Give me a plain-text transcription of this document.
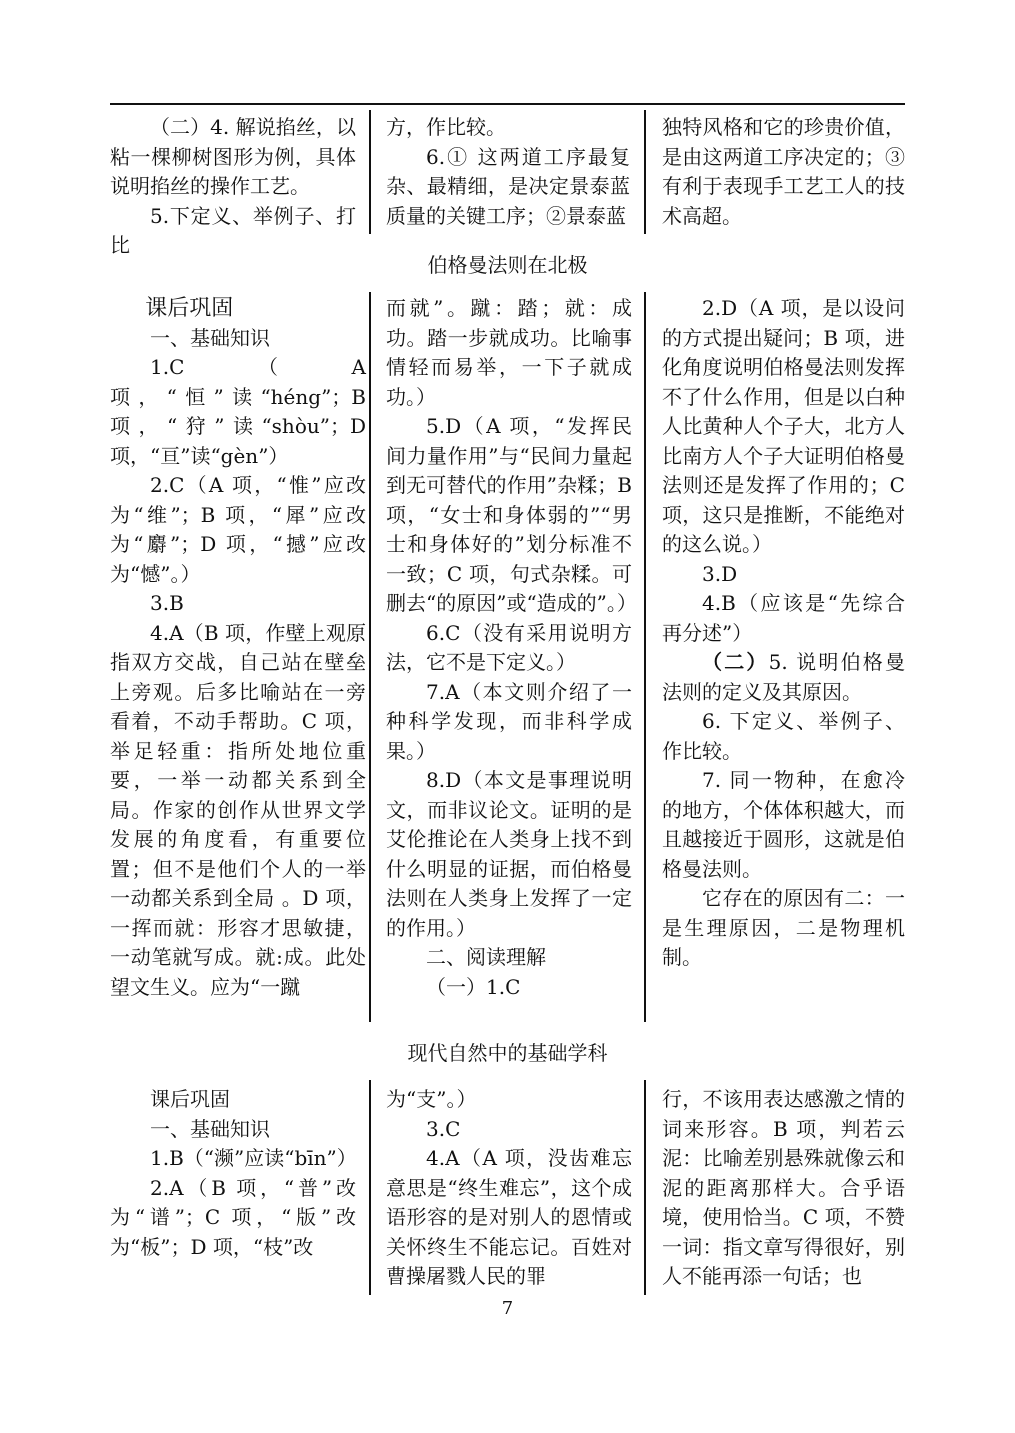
（二）4. 解说掐丝，以粘一棵柳树图形为例，具体说明掐丝的操作工艺。

5.下定义、举例子、打比

方，作比较。

6.① 这两道工序最复杂、最精细，是决定景泰蓝质量的关键工序；②景泰蓝

独特风格和它的珍贵价值，是由这两道工序决定的；③有利于表现手工艺工人的技术高超。

伯格曼法则在北极

课后巩固

一、基础知识

1.C（A 项，“恒”读“héng”；B 项，“狩”读“shòu”；D 项，“亘”读“gèn”）

2.C（A 项，“惟”应改为“维”；B 项，“犀”应改为“麝”；D 项，“撼”应改为“憾”。）

3.B

4.A（B 项，作壁上观原指双方交战，自己站在壁垒上旁观。后多比喻站在一旁看着，不动手帮助。C 项，举足轻重：指所处地位重要，一举一动都关系到全局。作家的创作从世界文学发展的角度看，有重要位置；但不是他们个人的一举一动都关系到全局 。D 项，一挥而就：形容才思敏捷，一动笔就写成。就:成。此处望文生义。应为“一蹴

而就”。蹴：踏；就：成功。踏一步就成功。比喻事情轻而易举，一下子就成功。）

5.D（A 项，“发挥民间力量作用”与“民间力量起到无可替代的作用”杂糅；B 项，“女士和身体弱的”“男士和身体好的”划分标准不一致；C 项，句式杂糅。可删去“的原因”或“造成的”。）

6.C（没有采用说明方法，它不是下定义。）

7.A（本文则介绍了一种科学发现，而非科学成果。）

8.D（本文是事理说明文，而非议论文。证明的是艾伦推论在人类身上找不到什么明显的证据，而伯格曼法则在人类身上发挥了一定的作用。）

二、阅读理解

（一）1.C

2.D（A 项，是以设问的方式提出疑问；B 项，进化角度说明伯格曼法则发挥不了什么作用，但是以白种人比黄种人个子大，北方人比南方人个子大证明伯格曼法则还是发挥了作用的；C 项，这只是推断，不能绝对的这么说。）

3.D

4.B（应该是“先综合再分述”）

（二）5. 说明伯格曼法则的定义及其原因。

6. 下定义、举例子、作比较。

7. 同一物种，在愈冷的地方，个体体积越大，而且越接近于圆形，这就是伯格曼法则。

它存在的原因有二：一是生理原因，二是物理机制。

现代自然中的基础学科

课后巩固

一、基础知识

1.B（“濒”应读“bīn”）

2.A（B 项，“普”改为“谱”；C 项，“版”改为“板”；D 项，“枝”改

为“支”。）

3.C

4.A（A 项，没齿难忘意思是“终生难忘”，这个成语形容的是对别人的恩情或关怀终生不能忘记。百姓对曹操屠戮人民的罪

行，不该用表达感激之情的词来形容。B 项，判若云泥：比喻差别悬殊就像云和泥的距离那样大。合乎语境，使用恰当。C 项，不赞一词：指文章写得很好，别人不能再添一句话；也

7
